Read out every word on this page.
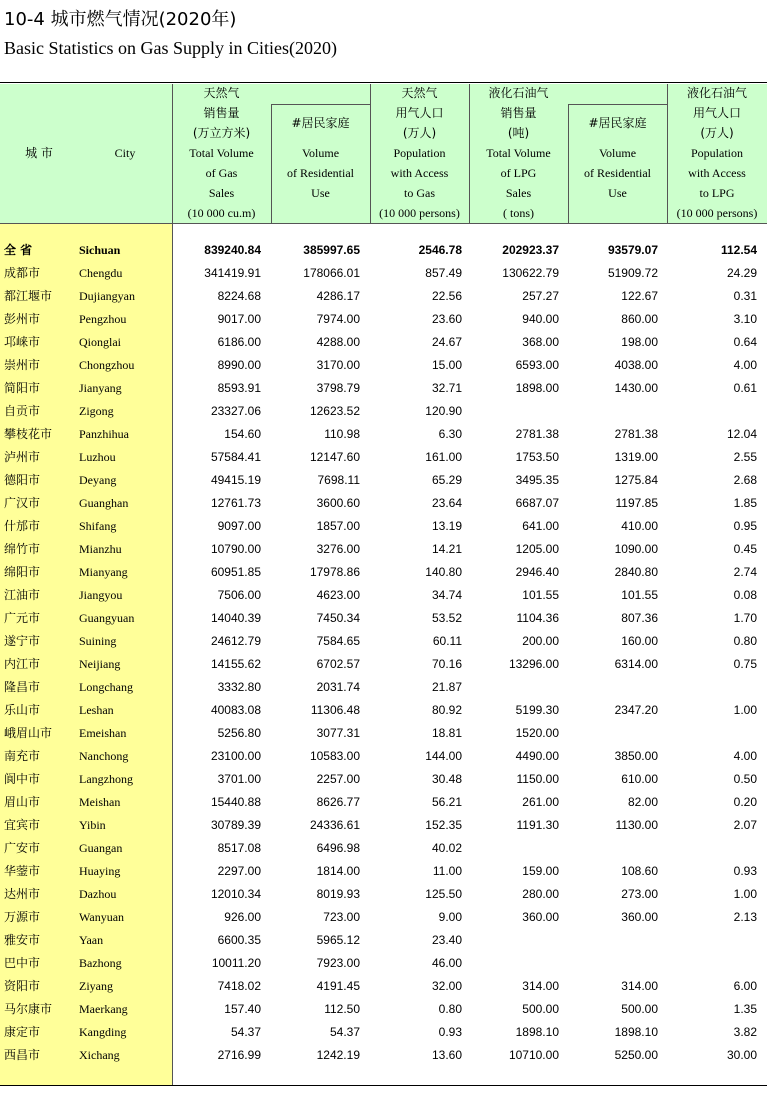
10-4 城市燃气情况(2020年)
Basic Statistics on Gas Supply in Cities(2020)
城 市	City
天然气
销售量
(万立方米)
Total Volume
of Gas
Sales
(10 000 cu.m)
#居民家庭
Volume
of Residential
Use
天然气
用气人口
(万人)
Population
with Access
to Gas
(10 000 persons)
液化石油气
销售量
(吨)
Total Volume
of LPG
Sales
( tons)
#居民家庭
Volume
of Residential
Use
液化石油气
用气人口
(万人)
Population
with Access
to LPG
(10 000 persons)
全 省	Sichuan	839240.84	385997.65	2546.78	202923.37	93579.07	112.54
成都市	Chengdu	341419.91	178066.01	857.49	130622.79	51909.72	24.29
都江堰市 Dujiangyan	8224.68	4286.17	22.56	257.27	122.67	0.31
彭州市	Pengzhou	9017.00	7974.00	23.60	940.00	860.00	3.10
邛崃市	Qionglai	6186.00	4288.00	24.67	368.00	198.00	0.64
崇州市	Chongzhou	8990.00	3170.00	15.00	6593.00	4038.00	4.00
简阳市	Jianyang	8593.91	3798.79	32.71	1898.00	1430.00	0.61
自贡市	Zigong	23327.06	12623.52	120.90
攀枝花市 Panzhihua	154.60	110.98	6.30	2781.38	2781.38	12.04
泸州市	Luzhou	57584.41	12147.60	161.00	1753.50	1319.00	2.55
德阳市	Deyang	49415.19	7698.11	65.29	3495.35	1275.84	2.68
广汉市	Guanghan	12761.73	3600.60	23.64	6687.07	1197.85	1.85
什邡市	Shifang	9097.00	1857.00	13.19	641.00	410.00	0.95
绵竹市	Mianzhu	10790.00	3276.00	14.21	1205.00	1090.00	0.45
绵阳市	Mianyang	60951.85	17978.86	140.80	2946.40	2840.80	2.74
江油市	Jiangyou	7506.00	4623.00	34.74	101.55	101.55	0.08
广元市	Guangyuan	14040.39	7450.34	53.52	1104.36	807.36	1.70
遂宁市	Suining	24612.79	7584.65	60.11	200.00	160.00	0.80
内江市	Neijiang	14155.62	6702.57	70.16	13296.00	6314.00	0.75
隆昌市	Longchang	3332.80	2031.74	21.87
乐山市	Leshan	40083.08	11306.48	80.92	5199.30	2347.20	1.00
峨眉山市 Emeishan	5256.80	3077.31	18.81	1520.00
南充市	Nanchong	23100.00	10583.00	144.00	4490.00	3850.00	4.00
阆中市	Langzhong	3701.00	2257.00	30.48	1150.00	610.00	0.50
眉山市	Meishan	15440.88	8626.77	56.21	261.00	82.00	0.20
宜宾市	Yibin	30789.39	24336.61	152.35	1191.30	1130.00	2.07
广安市	Guangan	8517.08	6496.98	40.02
华蓥市	Huaying	2297.00	1814.00	11.00	159.00	108.60	0.93
达州市	Dazhou	12010.34	8019.93	125.50	280.00	273.00	1.00
万源市	Wanyuan	926.00	723.00	9.00	360.00	360.00	2.13
雅安市	Yaan	6600.35	5965.12	23.40
巴中市	Bazhong	10011.20	7923.00	46.00
资阳市	Ziyang	7418.02	4191.45	32.00	314.00	314.00	6.00
马尔康市 Maerkang	157.40	112.50	0.80	500.00	500.00	1.35
康定市	Kangding	54.37	54.37	0.93	1898.10	1898.10	3.82
西昌市	Xichang	2716.99	1242.19	13.60	10710.00	5250.00	30.00
